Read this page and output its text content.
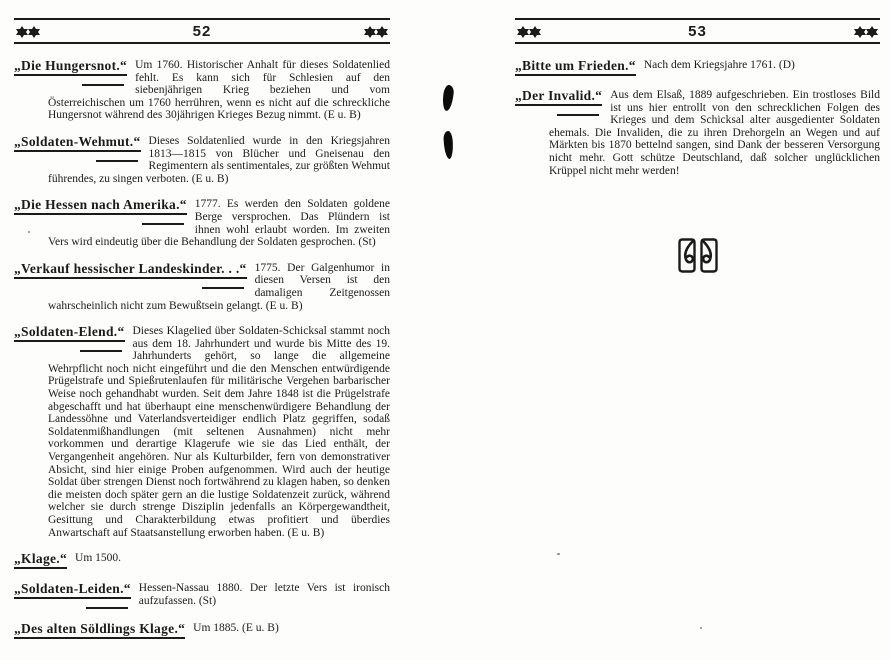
52
„Die Hungersnot.“ Um 1760. Historischer Anhalt für dieses Soldatenlied fehlt. Es kann sich für Schlesien auf den siebenjährigen Krieg beziehen und vom Österreichischen um 1760 herrühren, wenn es nicht auf die schreckliche Hungersnot während des 30jährigen Krieges Bezug nimmt. (E u. B)
„Soldaten-Wehmut.“ Dieses Soldatenlied wurde in den Kriegsjahren 1813—1815 von Blücher und Gneisenau den Regimentern als sentimentales, zur größten Wehmut führendes, zu singen verboten. (E u. B)
„Die Hessen nach Amerika.“ 1777. Es werden den Soldaten goldene Berge versprochen. Das Plündern ist ihnen wohl erlaubt worden. Im zweiten Vers wird eindeutig über die Behandlung der Soldaten gesprochen. (St)
„Verkauf hessischer Landeskinder. . .“ 1775. Der Galgenhumor in diesen Versen ist den damaligen Zeitgenossen wahrscheinlich nicht zum Bewußtsein gelangt. (E u. B)
„Soldaten-Elend.“ Dieses Klagelied über Soldaten-Schicksal stammt noch aus dem 18. Jahrhundert und wurde bis Mitte des 19. Jahrhunderts gehört, so lange die allgemeine Wehrpflicht noch nicht eingeführt und die den Menschen entwürdigende Prügelstrafe und Spießrutenlaufen für militärische Vergehen barbarischer Weise noch gehandhabt wurden. Seit dem Jahre 1848 ist die Prügelstrafe abgeschafft und hat überhaupt eine menschenwürdigere Behandlung der Landessöhne und Vaterlandsverteidiger endlich Platz gegriffen, sodaß Soldatenmißhandlungen (mit seltenen Ausnahmen) nicht mehr vorkommen und derartige Klagerufe wie sie das Lied enthält, der Vergangenheit angehören. Nur als Kulturbilder, fern von demonstrativer Absicht, sind hier einige Proben aufgenommen. Wird auch der heutige Soldat über strengen Dienst noch fortwährend zu klagen haben, so denken die meisten doch später gern an die lustige Soldatenzeit zurück, während welcher sie durch strenge Disziplin jedenfalls an Körpergewandtheit, Gesittung und Charakterbildung etwas profitiert und überdies Anwartschaft auf Staatsanstellung erworben haben. (E u. B)
„Klage.“ Um 1500.
„Soldaten-Leiden.“ Hessen-Nassau 1880. Der letzte Vers ist ironisch aufzufassen. (St)
„Des alten Söldlings Klage.“ Um 1885. (E u. B)
53
„Bitte um Frieden.“ Nach dem Kriegsjahre 1761. (D)
„Der Invalid.“ Aus dem Elsaß, 1889 aufgeschrieben. Ein trostloses Bild ist uns hier entrollt von den schrecklichen Folgen des Krieges und dem Schicksal alter ausgedienter Soldaten ehemals. Die Invaliden, die zu ihren Drehorgeln an Wegen und auf Märkten bis 1870 bettelnd sangen, sind Dank der besseren Versorgung nicht mehr. Gott schütze Deutschland, daß solcher unglücklichen Krüppel nicht mehr werden!
